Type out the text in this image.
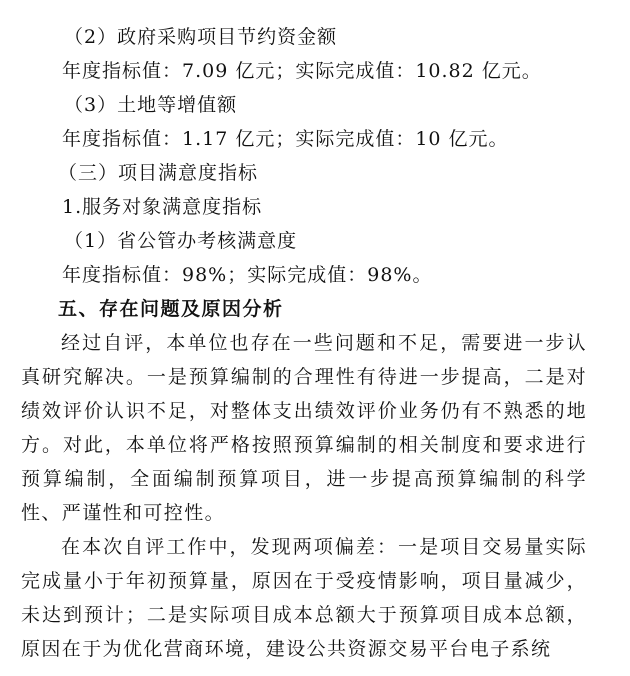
（2）政府采购项目节约资金额
年度指标值：7.09 亿元；实际完成值：10.82 亿元。
（3）土地等增值额
年度指标值：1.17 亿元；实际完成值：10 亿元。
（三）项目满意度指标
1.服务对象满意度指标
（1）省公管办考核满意度
年度指标值：98%；实际完成值：98%。
五、存在问题及原因分析
经过自评，本单位也存在一些问题和不足，需要进一步认真研究解决。一是预算编制的合理性有待进一步提高，二是对绩效评价认识不足，对整体支出绩效评价业务仍有不熟悉的地方。对此，本单位将严格按照预算编制的相关制度和要求进行预算编制，全面编制预算项目，进一步提高预算编制的科学性、严谨性和可控性。
在本次自评工作中，发现两项偏差：一是项目交易量实际完成量小于年初预算量，原因在于受疫情影响，项目量减少，未达到预计；二是实际项目成本总额大于预算项目成本总额，原因在于为优化营商环境，建设公共资源交易平台电子系统
